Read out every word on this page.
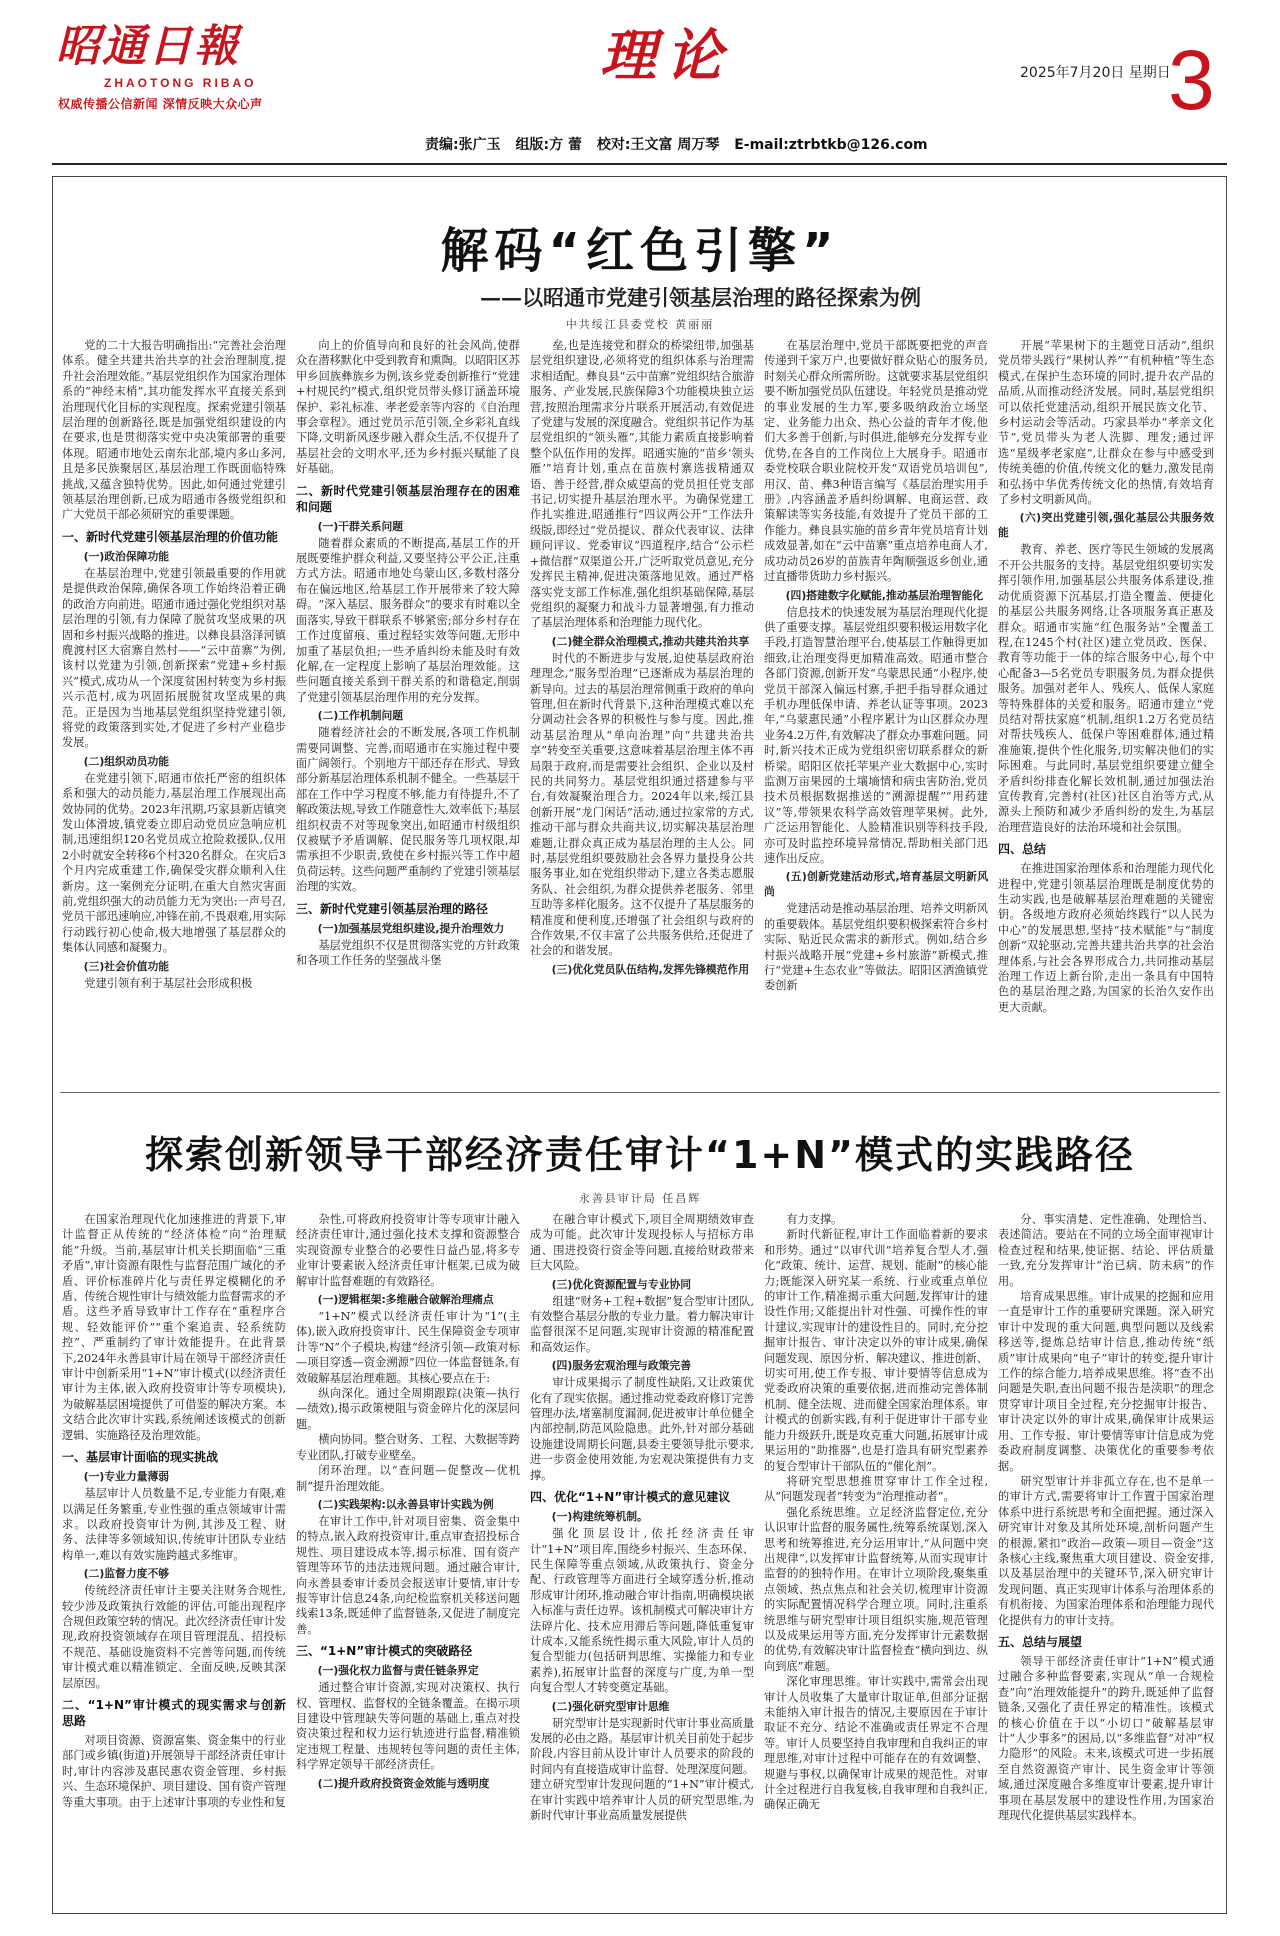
昭通日報
ZHAOTONG RIBAO
权威传播公信新闻 深情反映大众心声
理论	2025年7月20日 星期日
3
责编:张广玉 组版:方 蕾 校对:王文富 周万琴 E-mail:ztrbtkb@126.com
解码“红色引擎”
——以昭通市党建引领基层治理的路径探索为例
中共绥江县委党校 黄丽丽

党的二十大报告明确指出:“完善社会治理体系。健全共建共治共享的社会治理制度,提升社会治理效能。”基层党组织作为国家治理体系的“神经末梢”,其功能发挥水平直接关系到治理现代化目标的实现程度。探索党建引领基层治理的创新路径,既是加强党组织建设的内在要求,也是贯彻落实党中央决策部署的重要体现。昭通市地处云南东北部,境内多山多河,且是多民族聚居区,基层治理工作既面临特殊挑战,又蕴含独特优势。因此,如何通过党建引领基层治理创新,已成为昭通市各级党组织和广大党员干部必须研究的重要课题。

一、新时代党建引领基层治理的价值功能
(一)政治保障功能

在基层治理中,党建引领最重要的作用就是提供政治保障,确保各项工作始终沿着正确的政治方向前进。昭通市通过强化党组织对基层治理的引领,有力保障了脱贫攻坚成果的巩固和乡村振兴战略的推进。以彝良县洛泽河镇麂渡村区大宿寨自然村——“云中苗寨”为例,该村以党建为引领,创新探索“党建+乡村振兴”模式,成功从一个深度贫困村转变为乡村振兴示范村,成为巩固拓展脱贫攻坚成果的典范。正是因为当地基层党组织坚持党建引领,将党的政策落到实处,才促进了乡村产业稳步发展。

(二)组织动员功能

在党建引领下,昭通市依托严密的组织体系和强大的动员能力,基层治理工作展现出高效协同的优势。2023年汛期,巧家县新店镇突发山体滑坡,镇党委立即启动党员应急响应机制,迅速组织120名党员成立抢险救援队,仅用2小时就安全转移6个村320名群众。在灾后3个月内完成重建工作,确保受灾群众顺利入住新房。这一案例充分证明,在重大自然灾害面前,党组织强大的动员能力无为突出:一声号召,党员干部迅速响应,冲锋在前,不畏艰难,用实际行动践行初心使命,极大地增强了基层群众的集体认同感和凝聚力。

(三)社会价值功能

党建引领有利于基层社会形成积极

向上的价值导向和良好的社会风尚,使群众在潜移默化中受到教育和熏陶。以昭阳区苏甲乡回族彝族乡为例,该乡党委创新推行“党建+村规民约”模式,组织党员带头修订涵盖环境保护、彩礼标准、孝老爱亲等内容的《自治理事会章程》。通过党员示范引领,全乡彩礼直线下降,文明新风逐步融入群众生活,不仅提升了基层社会的文明水平,还为乡村振兴赋能了良好基础。

二、新时代党建引领基层治理存在的困难和问题
(一)干群关系问题

随着群众素质的不断提高,基层工作的开展既要维护群众利益,又要坚持公平公正,注重方式方法。昭通市地处乌蒙山区,多数村落分布在偏远地区,给基层工作开展带来了较大障碍。“深入基层、服务群众”的要求有时难以全面落实,导致干群联系不够紧密;部分乡村存在工作过度留痕、重过程轻实效等问题,无形中加重了基层负担;一些矛盾纠纷未能及时有效化解,在一定程度上影响了基层治理效能。这些问题直接关系到干群关系的和谐稳定,削弱了党建引领基层治理作用的充分发挥。

(二)工作机制问题

随着经济社会的不断发展,各项工作机制需要同调整、完善,而昭通市在实施过程中要面广阔领行。个别地方干部还存在形式、导致部分新基层治理体系机制不健全。一些基层干部在工作中学习程度不够,能力有待提升,不了解政策法规,导致工作随意性大,效率低下;基层组织权责不对等现象突出,如昭通市村级组织仅被赋予矛盾调解、促民服务等几项权限,却需承担不少职责,致使在乡村振兴等工作中超负荷运转。这些问题严重制约了党建引领基层治理的实效。

三、新时代党建引领基层治理的路径
(一)加强基层党组织建设,提升治理效力

基层党组织不仅是贯彻落实党的方针政策和各项工作任务的坚强战斗堡

垒,也是连接党和群众的桥梁纽带,加强基层党组织建设,必须将党的组织体系与治理需求相适配。彝良县“云中苗寨”党组织结合旅游服务、产业发展,民族保障3个功能模块独立运营,按照治理需求分片联系开展活动,有效促进了党建与发展的深度融合。党组织书记作为基层党组织的“领头雁”,其能力素质直接影响着整个队伍作用的发挥。昭通实施的“苗乡‘领头雁’”培育计划,重点在苗族村寨选拔精通双语、善于经营,群众威望高的党员担任党支部书记,切实提升基层治理水平。为确保党建工作扎实推进,昭通推行“四议两公开”工作法升级版,即经过“党员提议、群众代表审议、法律顾问评议、党委审议”四道程序,结合“公示栏+微信群”双渠道公开,广泛听取党员意见,充分发挥民主精神,促进决策落地见效。通过严格落实党支部工作标准,强化组织基础保障,基层党组织的凝聚力和战斗力显著增强,有力推动了基层治理体系和治理能力现代化。

(二)健全群众治理模式,推动共建共治共享

时代的不断进步与发展,迫使基层政府治理理念,“服务型治理”已逐渐成为基层治理的新导向。过去的基层治理常侧重于政府的单向管理,但在新时代背景下,这种治理模式难以充分调动社会各界的积极性与参与度。因此,推动基层治理从“单向治理”向“共建共治共享”转变至关重要,这意味着基层治理主体不再局限于政府,而是需要社会组织、企业以及村民的共同努力。基层党组织通过搭建参与平台,有效凝聚治理合力。2024年以来,绥江县创新开展“龙门闲话”活动,通过拉家常的方式,推动干部与群众共商共议,切实解决基层治理难题,让群众真正成为基层治理的主人公。同时,基层党组织要鼓励社会各界力量投身公共服务事业,如在党组织带动下,建立各类志愿服务队、社会组织,为群众提供养老服务、邻里互助等多样化服务。这不仅提升了基层服务的精准度和便利度,还增强了社会组织与政府的合作效果,不仅丰富了公共服务供给,还促进了社会的和谐发展。

(三)优化党员队伍结构,发挥先锋模范作用

在基层治理中,党员干部既要把党的声音传递到千家万户,也要做好群众贴心的服务员,时刻关心群众所需所盼。这就要求基层党组织要不断加强党员队伍建设。年轻党员是推动党的事业发展的生力军,要多吸纳政治立场坚定、业务能力出众、热心公益的青年才俊,他们大多善于创新,与时俱进,能够充分发挥专业优势,在各自的工作岗位上大展身手。昭通市委党校联合职业院校开发“双语党员培训包”,用汉、苗、彝3种语言编写《基层治理实用手册》,内容涵盖矛盾纠纷调解、电商运营、政策解读等实务技能,有效提升了党员干部的工作能力。彝良县实施的苗乡青年党员培育计划成效显著,如在“云中苗寨”重点培养电商人才,成功动员26岁的苗族青年陶顺强返乡创业,通过直播带货助力乡村振兴。

(四)搭建数字化赋能,推动基层治理智能化

信息技术的快速发展为基层治理现代化提供了重要支撑。基层党组织要积极运用数字化手段,打造智慧治理平台,使基层工作触得更加细致,让治理变得更加精准高效。昭通市整合各部门资源,创新开发“乌蒙思民通”小程序,使党员干部深入偏远村寨,手把手指导群众通过手机办理低保申请、养老认证等事项。2023年,“乌蒙惠民通”小程序累计为山区群众办理业务4.2万件,有效解决了群众办事难问题。同时,新兴技术正成为党组织密切联系群众的新桥梁。昭阳区依托苹果产业大数据中心,实时监测万亩果园的土壤墒情和病虫害防治,党员技术员根据数据推送的“溯源提醒”“用药建议”等,带领果农科学高效管理苹果树。此外,广泛运用智能化、人脸精准识别等科技手段,亦可及时监控环境异常情况,帮助相关部门迅速作出反应。

(五)创新党建活动形式,培育基层文明新风尚

党建活动是推动基层治理、培养文明新风的重要载体。基层党组织要积极探索符合乡村实际、贴近民众需求的新形式。例如,结合乡村振兴战略开展“党建+乡村旅游”新模式,推行“党建+生态农业”等做法。昭阳区洒渔镇党委创新

开展“苹果树下的主题党日活动”,组织党员带头践行“果树认养”“有机种植”等生态模式,在保护生态环境的同时,提升农产品的品质,从而推动经济发展。同时,基层党组织可以依托党建活动,组织开展民族文化节、乡村运动会等活动。巧家县举办“孝亲文化节”,党员带头为老人洗脚、理发;通过评选“星级孝老家庭”,让群众在参与中感受到传统美德的价值,传统文化的魅力,激发昆南和弘扬中华优秀传统文化的热情,有效培育了乡村文明新风尚。

(六)突出党建引领,强化基层公共服务效能

教育、养老、医疗等民生领域的发展离不开公共服务的支持。基层党组织要切实发挥引领作用,加强基层公共服务体系建设,推动优质资源下沉基层,打造全覆盖、便捷化的基层公共服务网络,让各项服务真正惠及群众。昭通市实施“红色服务站”全覆盖工程,在1245个村(社区)建立党员政、医保、教育等功能于一体的综合服务中心,每个中心配备3—5名党员专职服务员,为群众提供服务。加强对老年人、残疾人、低保人家庭等特殊群体的关爱和服务。昭通市建立“党员结对帮扶家庭”机制,组织1.2万名党员结对帮扶残疾人、低保户等困难群体,通过精准施策,提供个性化服务,切实解决他们的实际困难。与此同时,基层党组织要建立健全矛盾纠纷排查化解长效机制,通过加强法治宣传教育,完善村(社区)社区自治等方式,从源头上预防和减少矛盾纠纷的发生,为基层治理营造良好的法治环境和社会氛围。

四、总结

在推进国家治理体系和治理能力现代化进程中,党建引领基层治理既是制度优势的生动实践,也是破解基层治理难题的关键密钥。各级地方政府必须始终践行“以人民为中心”的发展思想,坚持“技术赋能”与“制度创新”双轮驱动,完善共建共治共享的社会治理体系,与社会各界形成合力,共同推动基层治理工作迈上新台阶,走出一条具有中国特色的基层治理之路,为国家的长治久安作出更大贡献。

探索创新领导干部经济责任审计“1+N”模式的实践路径
永善县审计局 任昌辉

在国家治理现代化加速推进的背景下,审计监督正从传统的“经济体检”向“治理赋能”升级。当前,基层审计机关长期面临“三重矛盾”,审计资源有限性与监督范围广域化的矛盾、评价标准碎片化与责任界定模糊化的矛盾、传统合规性审计与绩效能力监督需求的矛盾。这些矛盾导致审计工作存在“重程序合规、轻效能评价”“重个案追责、轻系统防控”、严重制约了审计效能提升。在此背景下,2024年永善县审计局在领导干部经济责任审计中创新采用“1+N”审计模式(以经济责任审计为主体,嵌入政府投资审计等专项模块),为破解基层困境提供了可借鉴的解决方案。本文结合此次审计实践,系统阐述该模式的创新逻辑、实施路径及治理效能。

一、基层审计面临的现实挑战
(一)专业力量薄弱

基层审计人员数量不足,专业能力有限,难以满足任务繁重,专业性强的重点领域审计需求。以政府投资审计为例,其涉及工程、财务、法律等多领域知识,传统审计团队专业结构单一,难以有效实施跨越式多维审。

(二)监督力度不够

传统经济责任审计主要关注财务合规性,较少涉及政策执行效能的评估,可能出现程序合规但政策空转的情况。此次经济责任审计发现,政府投资领域存在项目管理混乱、招投标不规范、基础设施资料不完善等问题,而传统审计模式难以精准锁定、全面反映,反映其深层原因。

二、“1+N”审计模式的现实需求与创新思路

对项目资源、资源富集、资金集中的行业部门或乡镇(街道)开展领导干部经济责任审计时,审计内容涉及惠民惠农资金管理、乡村振兴、生态环境保护、项目建设、国有资产管理等重大事项。由于上述审计事项的专业性和复

杂性,可将政府投资审计等专项审计融入经济责任审计,通过强化技术支撑和资源整合实现资源专业整合的必要性日益凸显,将多专业审计要素嵌入经济责任审计框架,已成为破解审计监督难题的有效路径。

(一)逻辑框架:多维融合破解治理痛点

“1+N”模式以经济责任审计为“1”(主体),嵌入政府投资审计、民生保障资金专项审计等“N”个子模块,构建“经济引领—政策对标—项目穿透—资金溯源”四位一体监督链条,有效破解基层治理难题。其核心要点在于:

纵向深化。通过全周期跟踪(决策—执行—绩效),揭示政策梗阻与资金碎片化的深层问题。

横向协同。整合财务、工程、大数据等跨专业团队,打破专业壁垒。

闭环治理。以“查问题—促整改—优机制”提升治理效能。

(二)实践架构:以永善县审计实践为例

在审计工作中,针对项目密集、资金集中的特点,嵌入政府投资审计,重点审查招投标合规性、项目建设成本等,揭示标准、国有资产管理等环节的违法违规问题。通过融合审计,向永善县委审计委员会报送审计要情,审计专报等审计信息24条,向纪检监察机关移送问题线索13条,既延伸了监督链条,又促进了制度完善。

三、“1+N”审计模式的突破路径
(一)强化权力监督与责任链条界定

通过整合审计资源,实现对决策权、执行权、管理权、监督权的全链条覆盖。在揭示项目建设中管理缺失等问题的基础上,重点对投资决策过程和权力运行轨迹进行监督,精准锁定违规工程量、违规转包等问题的责任主体,科学界定领导干部经济责任。

(二)提升政府投资资金效能与透明度

在融合审计模式下,项目全周期绩效审查成为可能。此次审计发现投标人与招标方串通、围进投资行资金等问题,直接给财政带来巨大风险。

(三)优化资源配置与专业协同

组建“财务+工程+数据”复合型审计团队,有效整合基层分散的专业力量。着力解决审计监督很深不足问题,实现审计资源的精准配置和高效运作。

(四)服务宏观治理与政策完善

审计成果揭示了制度性缺陷,又让政策优化有了现实依据。通过推动党委政府修订完善管理办法,堵塞制度漏洞,促进被审计单位健全内部控制,防范风险隐患。此外,针对部分基础设施建设周期长问题,县委主要领导批示要求,进一步资金使用效能,为宏观决策提供有力支撑。

四、优化“1+N”审计模式的意见建议
(一)构建统筹机制。

强化顶层设计,依托经济责任审计“1+N”项目库,围绕乡村振兴、生态环保、民生保障等重点领域,从政策执行、资金分配、行政管理等方面进行全域穿透分析,推动形成审计闭环,推动融合审计指南,明确模块嵌入标准与责任边界。该机制模式可解决审计方法碎片化、技术应用滞后等问题,降低重复审计成本,又能系统性揭示重大风险,审计人员的复合型能力(包括研判思维、实操能力和专业素养),拓展审计监督的深度与广度,为单一型向复合型人才转变奠定基础。

(二)强化研究型审计思维

研究型审计是实现新时代审计事业高质量发展的必由之路。基层审计机关目前处于起步阶段,内容目前从设计审计人员要求的阶段的时间内有直接造成审计监督、处理深度问题。建立研究型审计发现问题的“1+N”审计模式,在审计实践中培养审计人员的研究型思维,为新时代审计事业高质量发展提供

有力支撑。

新时代新征程,审计工作面临着新的要求和形势。通过“以审代训”培养复合型人才,强化“政策、统计、运营、规划、能耐”的核心能力;既能深入研究某一系统、行业或重点单位的审计工作,精准揭示重大问题,发挥审计的建设性作用;又能提出针对性强、可操作性的审计建议,实现审计的建设性目的。同时,充分挖掘审计报告、审计决定以外的审计成果,确保问题发现、原因分析、解决建议、推进创新、切实可用,使工作专报、审计要情等信息成为党委政府决策的重要依据,进而推动完善体制机制、健全法规、进而健全国家治理体系。审计模式的创新实践,有利于促进审计干部专业能力升级跃升,既是攻克重大问题,拓展审计成果运用的“助推器”,也是打造具有研究型素养的复合型审计干部队伍的“催化剂”。

将研究型思想推贯穿审计工作全过程,从“问题发现者”转变为“治理推动者”。

强化系统思维。立足经济监督定位,充分认识审计监督的服务属性,统筹系统谋划,深入思考和统筹推进,充分运用审计,“从问题中突出规律”,以发挥审计监督统筹,从而实现审计监督的的独特作用。在审计立项阶段,聚集重点领域、热点焦点和社会关切,梳理审计资源的实际配置情况科学合理立项。同时,注重系统思维与研究型审计项目组织实施,规范管理以及成果运用等方面,充分发挥审计元素数据的优势,有效解决审计监督检查“横向到边、纵向到底”难题。

深化审理思维。审计实践中,需常会出现审计人员收集了大量审计取证单,但部分证据未能纳入审计报告的情况,主要原因在于审计取证不充分、结论不准确或责任界定不合理等。审计人员要坚持自我审理和自我纠正的审理思维,对审计过程中可能存在的有效调整、规避与事权,以确保审计成果的规范性。对审计全过程进行自我复核,自我审理和自我纠正,确保正确无

分、事实清楚、定性准确、处理恰当、表述简洁。要站在不同的立场全面审视审计检查过程和结果,使证据、结论、评估质量一致,充分发挥审计“治已病、防未病”的作用。

培育成果思维。审计成果的挖掘和应用一直是审计工作的重要研究课题。深入研究审计中发现的重大问题,典型问题以及线索移送等,提炼总结审计信息,推动传统“纸质”审计成果向“电子”审计的转变,提升审计工作的综合能力,培养成果思维。将“查不出问题是失职,查出问题不报告是渎职”的理念贯穿审计项目全过程,充分挖掘审计报告、审计决定以外的审计成果,确保审计成果运用、工作专报、审计要情等审计信息成为党委政府制度调整、决策优化的重要参考依据。

研究型审计并非孤立存在,也不是单一的审计方式,需要将审计工作置于国家治理体系中进行系统思考和全面把握。通过深入研究审计对象及其所处环境,剖析问题产生的根源,紧扣“政治—政策—项目—资金”这条核心主线,聚焦重大项目建设、资金安排,以及基层治理中的关键环节,深入研究审计发现问题、真正实现审计体系与治理体系的有机衔接、为国家治理体系和治理能力现代化提供有力的审计支持。

五、总结与展望

领导干部经济责任审计“1+N”模式通过融合多种监督要素,实现从“单一合规检查”向“治理效能提升”的跨升,既延伸了监督链条,又强化了责任界定的精准性。该模式的核心价值在于以“小切口”破解基层审计“人少事多”的困局,以“多维监督”对冲“权力隐形”的风险。未来,该模式可进一步拓展至自然资源资产审计、民生资金审计等领域,通过深度融合多维度审计要素,提升审计事项在基层发展中的建设性作用,为国家治理现代化提供基层实践样本。
